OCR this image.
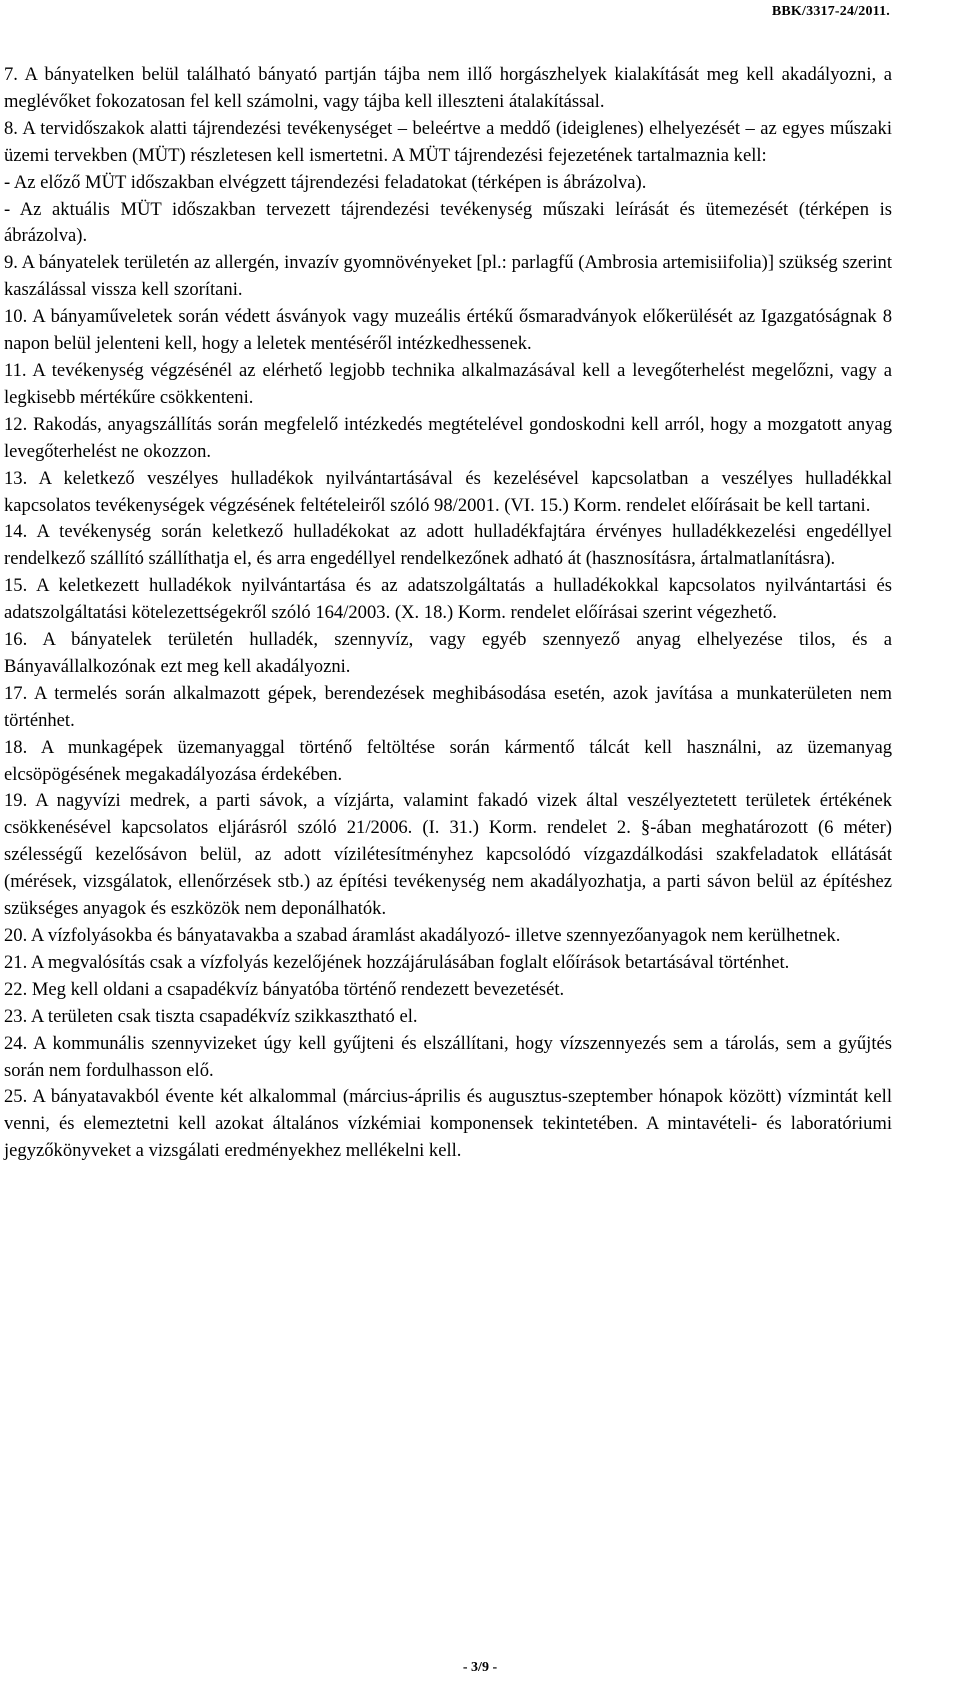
BBK/3317-24/2011.

7. A bányatelken belül található bányató partján tájba nem illő horgászhelyek kialakítását meg kell akadályozni, a meglévőket fokozatosan fel kell számolni, vagy tájba kell illeszteni átalakítással.

8. A tervidőszakok alatti tájrendezési tevékenységet – beleértve a meddő (ideiglenes) elhelyezését – az egyes műszaki üzemi tervekben (MÜT) részletesen kell ismertetni. A MÜT tájrendezési fejezetének tartalmaznia kell:

- Az előző MÜT időszakban elvégzett tájrendezési feladatokat (térképen is ábrázolva).

- Az aktuális MÜT időszakban tervezett tájrendezési tevékenység műszaki leírását és ütemezését (térképen is ábrázolva).

9. A bányatelek területén az allergén, invazív gyomnövényeket [pl.: parlagfű (Ambrosia artemisiifolia)] szükség szerint kaszálással vissza kell szorítani.

10. A bányaműveletek során védett ásványok vagy muzeális értékű ősmaradványok előkerülését az Igazgatóságnak 8 napon belül jelenteni kell, hogy a leletek mentéséről intézkedhessenek.

11. A tevékenység végzésénél az elérhető legjobb technika alkalmazásával kell a levegőterhelést megelőzni, vagy a legkisebb mértékűre csökkenteni.

12. Rakodás, anyagszállítás során megfelelő intézkedés megtételével gondoskodni kell arról, hogy a mozgatott anyag levegőterhelést ne okozzon.

13. A keletkező veszélyes hulladékok nyilvántartásával és kezelésével kapcsolatban a veszélyes hulladékkal kapcsolatos tevékenységek végzésének feltételeiről szóló 98/2001. (VI. 15.) Korm. rendelet előírásait be kell tartani.

14. A tevékenység során keletkező hulladékokat az adott hulladékfajtára érvényes hulladékkezelési engedéllyel rendelkező szállító szállíthatja el, és arra engedéllyel rendelkezőnek adható át (hasznosításra, ártalmatlanításra).

15. A keletkezett hulladékok nyilvántartása és az adatszolgáltatás a hulladékokkal kapcsolatos nyilvántartási és adatszolgáltatási kötelezettségekről szóló 164/2003. (X. 18.) Korm. rendelet előírásai szerint végezhető.

16. A bányatelek területén hulladék, szennyvíz, vagy egyéb szennyező anyag elhelyezése tilos, és a Bányavállalkozónak ezt meg kell akadályozni.

17. A termelés során alkalmazott gépek, berendezések meghibásodása esetén, azok javítása a munkaterületen nem történhet.

18. A munkagépek üzemanyaggal történő feltöltése során kármentő tálcát kell használni, az üzemanyag elcsöpögésének megakadályozása érdekében.

19. A nagyvízi medrek, a parti sávok, a vízjárta, valamint fakadó vizek által veszélyeztetett területek értékének csökkenésével kapcsolatos eljárásról szóló 21/2006. (I. 31.) Korm. rendelet 2. §-ában meghatározott (6 méter) szélességű kezelősávon belül, az adott vízilétesítményhez kapcsolódó vízgazdálkodási szakfeladatok ellátását (mérések, vizsgálatok, ellenőrzések stb.) az építési tevékenység nem akadályozhatja, a parti sávon belül az építéshez szükséges anyagok és eszközök nem deponálhatók.

20. A vízfolyásokba és bányatavakba a szabad áramlást akadályozó- illetve szennyezőanyagok nem kerülhetnek.

21. A megvalósítás csak a vízfolyás kezelőjének hozzájárulásában foglalt előírások betartásával történhet.

22. Meg kell oldani a csapadékvíz bányatóba történő rendezett bevezetését.

23. A területen csak tiszta csapadékvíz szikkasztható el.

24. A kommunális szennyvizeket úgy kell gyűjteni és elszállítani, hogy vízszennyezés sem a tárolás, sem a gyűjtés során nem fordulhasson elő.

25. A bányatavakból évente két alkalommal (március-április és augusztus-szeptember hónapok között) vízmintát kell venni, és elemeztetni kell azokat általános vízkémiai komponensek tekintetében. A mintavételi- és laboratóriumi jegyzőkönyveket a vizsgálati eredményekhez mellékelni kell.

- 3/9 -
